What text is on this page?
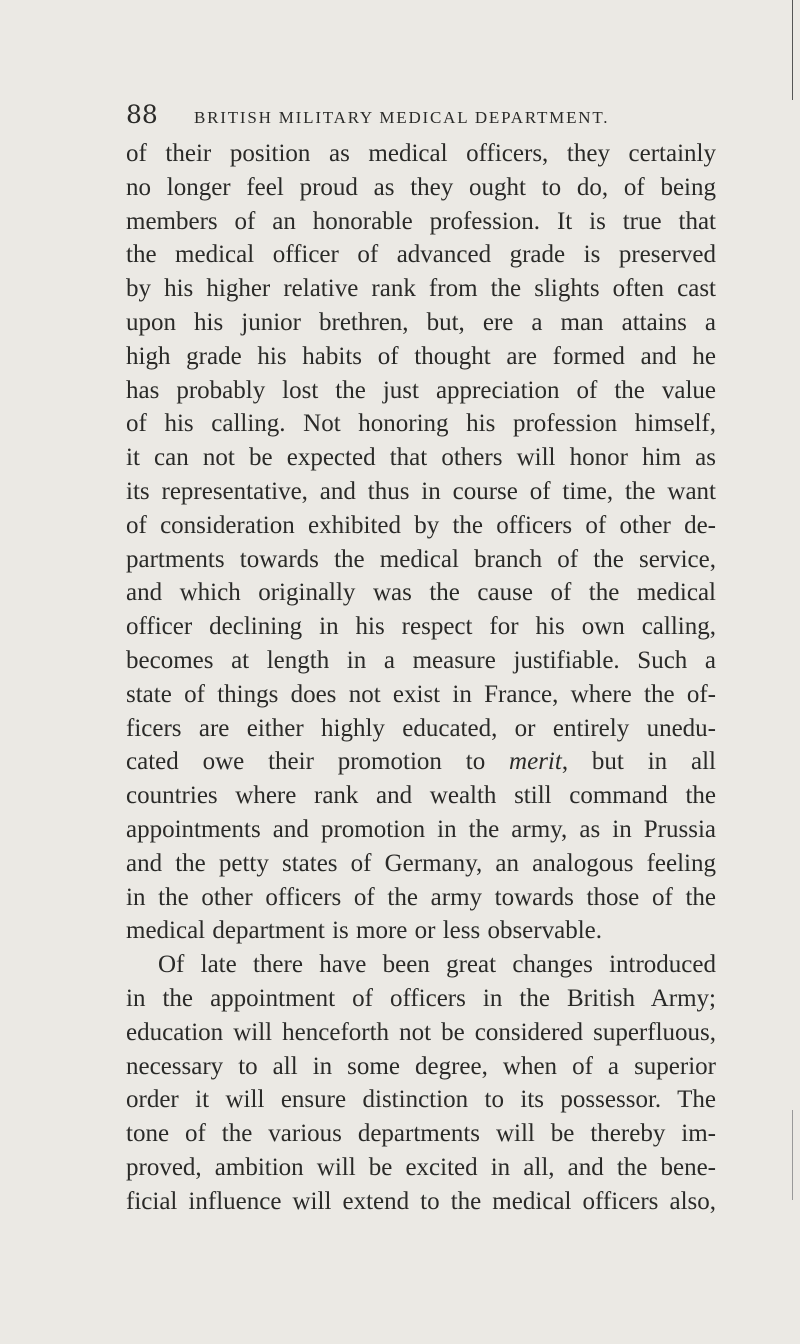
88 BRITISH MILITARY MEDICAL DEPARTMENT.
of their position as medical officers, they certainly
no longer feel proud as they ought to do, of being
members of an honorable profession. It is true that
the medical officer of advanced grade is preserved
by his higher relative rank from the slights often cast
upon his junior brethren, but, ere a man attains a
high grade his habits of thought are formed and he
has probably lost the just appreciation of the value
of his calling. Not honoring his profession himself,
it can not be expected that others will honor him as
its representative, and thus in course of time, the want
of consideration exhibited by the officers of other de-
partments towards the medical branch of the service,
and which originally was the cause of the medical
officer declining in his respect for his own calling,
becomes at length in a measure justifiable. Such a
state of things does not exist in France, where the of-
ficers are either highly educated, or entirely unedu-
cated owe their promotion to merit, but in all
countries where rank and wealth still command the
appointments and promotion in the army, as in Prussia
and the petty states of Germany, an analogous feeling
in the other officers of the army towards those of the
medical department is more or less observable.
Of late there have been great changes introduced
in the appointment of officers in the British Army;
education will henceforth not be considered superfluous,
necessary to all in some degree, when of a superior
order it will ensure distinction to its possessor. The
tone of the various departments will be thereby im-
proved, ambition will be excited in all, and the bene-
ficial influence will extend to the medical officers also,
